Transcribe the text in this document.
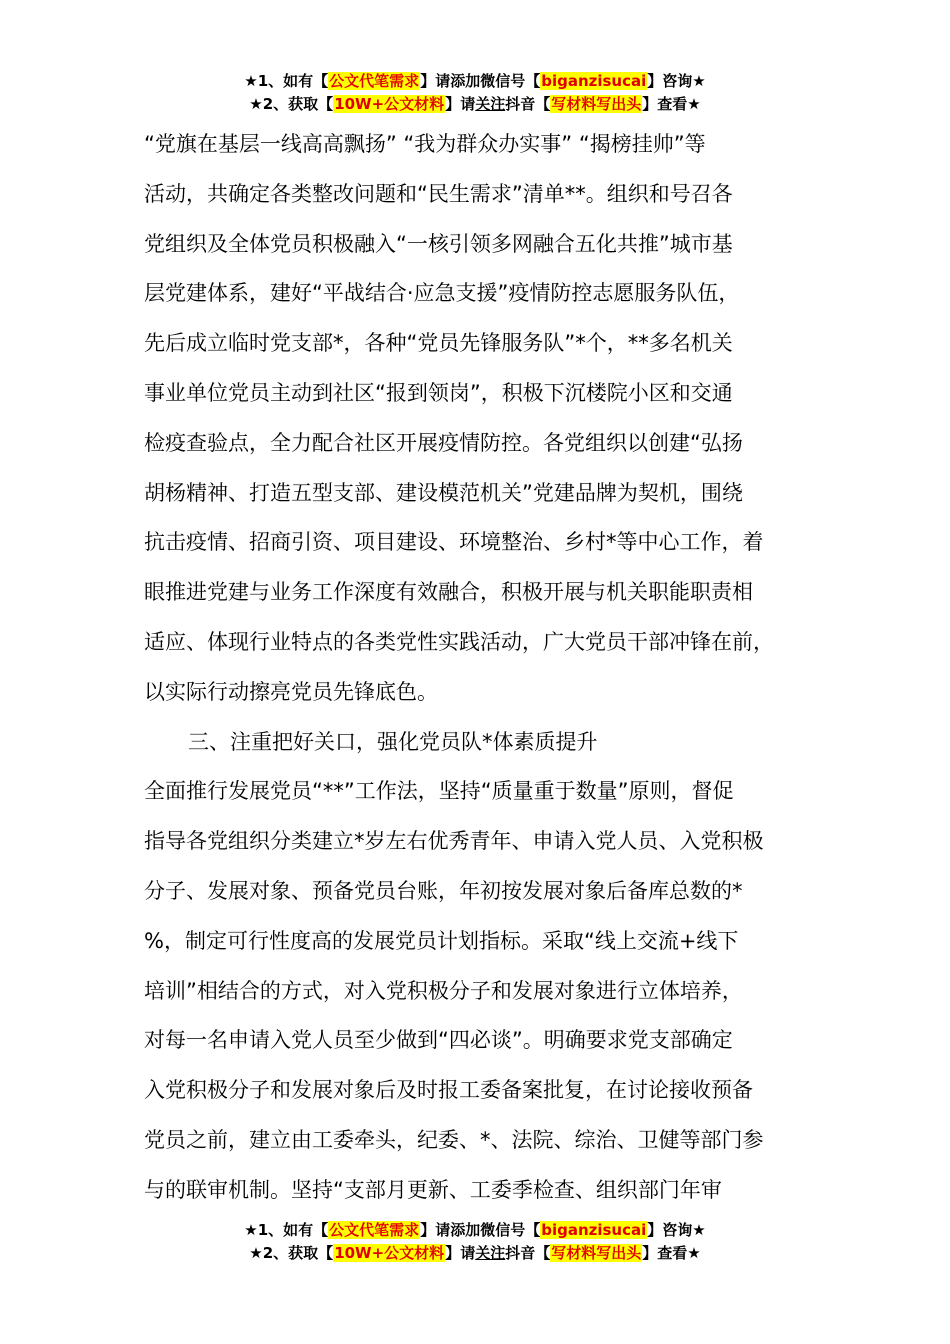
★1、如有【公文代笔需求】请添加微信号【biganzisucai】咨询★
★2、获取【10W+公文材料】请关注抖音【写材料写出头】查看★
“党旗在基层一线高高飘扬” “我为群众办实事” “揭榜挂帅”等
活动，共确定各类整改问题和“民生需求”清单**。组织和号召各
党组织及全体党员积极融入“一核引领多网融合五化共推”城市基
层党建体系，建好“平战结合·应急支援”疫情防控志愿服务队伍，
先后成立临时党支部*，各种“党员先锋服务队”*个，**多名机关
事业单位党员主动到社区“报到领岗”，积极下沉楼院小区和交通
检疫查验点，全力配合社区开展疫情防控。各党组织以创建“弘扬
胡杨精神、打造五型支部、建设模范机关”党建品牌为契机，围绕
抗击疫情、招商引资、项目建设、环境整治、乡村*等中心工作，着
眼推进党建与业务工作深度有效融合，积极开展与机关职能职责相
适应、体现行业特点的各类党性实践活动，广大党员干部冲锋在前，
以实际行动擦亮党员先锋底色。
三、注重把好关口，强化党员队*体素质提升
全面推行发展党员“**”工作法，坚持“质量重于数量”原则，督促
指导各党组织分类建立*岁左右优秀青年、申请入党人员、入党积极
分子、发展对象、预备党员台账，年初按发展对象后备库总数的*
%，制定可行性度高的发展党员计划指标。采取“线上交流+线下
培训”相结合的方式，对入党积极分子和发展对象进行立体培养，
对每一名申请入党人员至少做到“四必谈”。明确要求党支部确定
入党积极分子和发展对象后及时报工委备案批复，在讨论接收预备
党员之前，建立由工委牵头，纪委、*、法院、综治、卫健等部门参
与的联审机制。坚持“支部月更新、工委季检查、组织部门年审
★1、如有【公文代笔需求】请添加微信号【biganzisucai】咨询★
★2、获取【10W+公文材料】请关注抖音【写材料写出头】查看★
